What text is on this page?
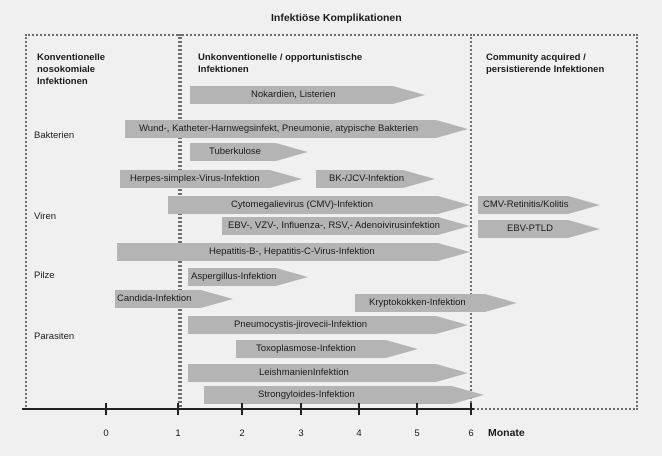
Infektiöse Komplikationen
Konventionelle nosokomiale Infektionen
Unkonventionelle / opportunistische Infektionen
Community acquired / persistierende Infektionen
Bakterien
Viren
Pilze
Parasiten
Nokardien, Listerien
Wund-, Katheter-Harnwegsinfekt, Pneumonie, atypische Bakterien
Tuberkulose
Herpes-simplex-Virus-Infektion	BK-/JCV-Infektion
Cytomegalievirus (CMV)-Infektion
EBV-, VZV-, Influenza-, RSV,- Adenoivirusinfektion
Hepatitis-B-, Hepatitis-C-Virus-Infektion
Aspergillus-Infektion
Candida-Infektion	Kryptokokken-Infektion
Pneumocystis-jirovecii-Infektion
Toxoplasmose-Infektion
LeishmanienInfektion
Strongyloides-Infektion
CMV-Retinitis/Kolitis
EBV-PTLD
0	1	2	3	4	5	6	Monate
